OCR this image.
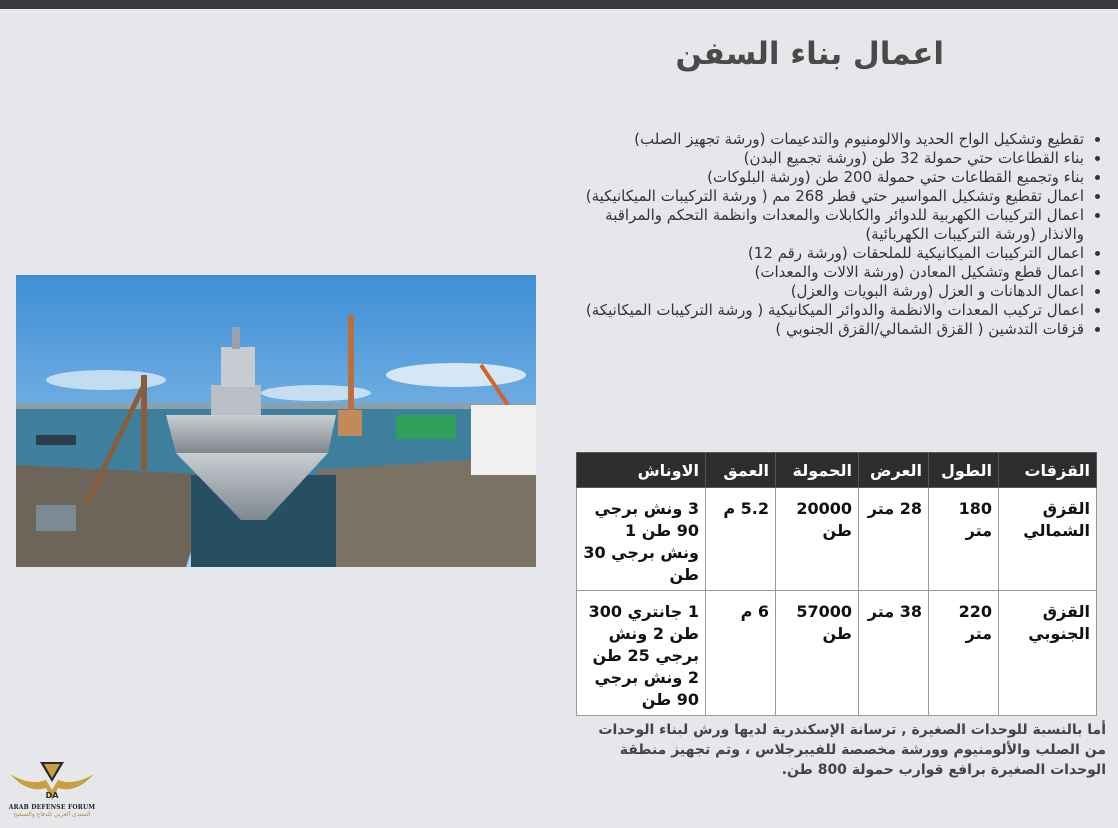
اعمال بناء السفن
• تقطيع وتشكيل الواح الحديد والالومنيوم والتدعيمات (ورشة تجهيز الصلب)
• بناء القطاعات حتي حمولة 32 طن (ورشة تجميع البدن)
• بناء وتجميع القطاعات حتي حمولة 200 طن (ورشة البلوكات)
• اعمال تقطيع وتشكيل المواسير حتي قطر 268 مم ( ورشة التركيبات الميكانيكية)
• اعمال التركيبات الكهربية للدوائر والكابلات والمعدات وانظمة التحكم والمراقبة والانذار (ورشة التركيبات الكهربائية)
• اعمال التركيبات الميكانيكية للملحقات (ورشة رقم 12)
• اعمال قطع وتشكيل المعادن (ورشة الالات والمعدات)
• اعمال الدهانات و العزل (ورشة البويات والعزل)
• اعمال تركيب المعدات والانظمة والدوائر الميكانيكية ( ورشة التركيبات الميكانيكة)
• قزقات التدشين ( القزق الشمالي/القزق الجنوبي )
القزقات	الطول	العرض	الحمولة	العمق	الاوناش
القزق الشمالي	180 متر	28 متر	20000 طن	5.2 م	3 ونش برجي 90 طن 1 ونش برجي 30 طن
القزق الجنوبي	220 متر	38 متر	57000 طن	6 م	1 جانتري 300 طن 2 ونش برجي 25 طن 2 ونش برجي 90 طن

أما بالنسبة للوحدات الصغيرة , ترسانة الإسكندرية لديها ورش لبناء الوحدات من الصلب والألومنيوم وورشة مخصصة للفيبرجلاس ، وتم تجهيز منطقة الوحدات الصغيرة برافع قوارب حمولة 800 طن.

DA
ARAB DEFENSE FORUM
المنتدى العربي للدفاع والتسليح
